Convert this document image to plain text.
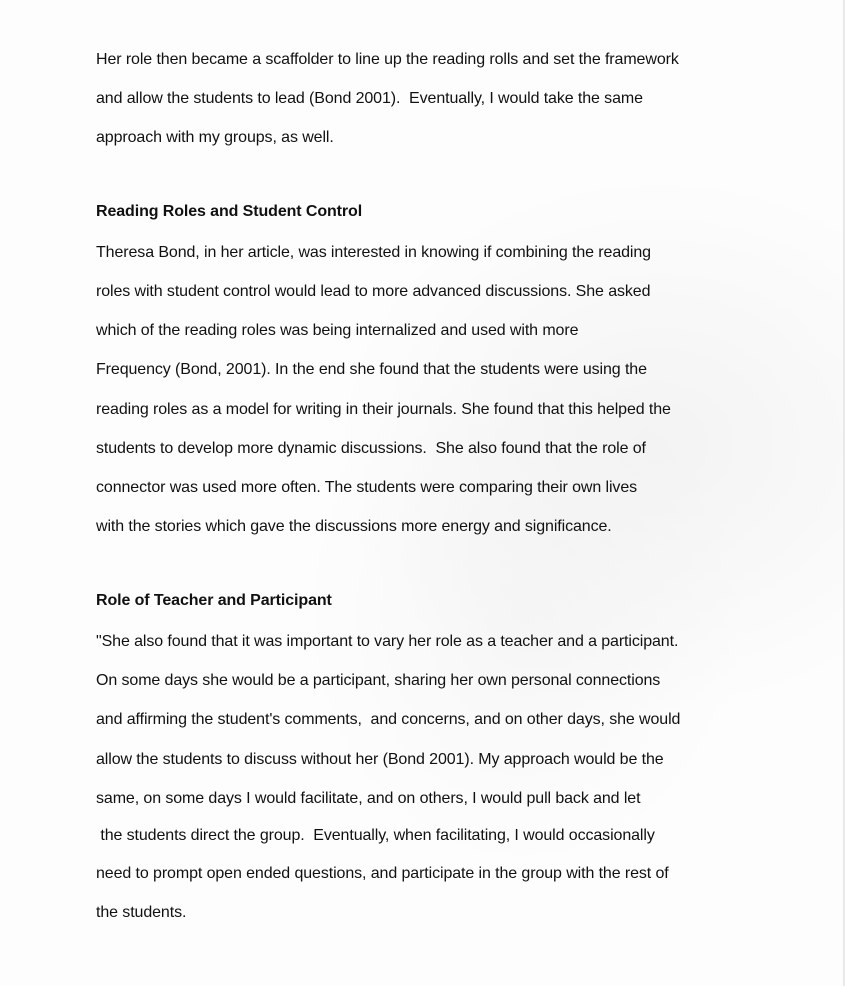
Her role then became a scaffolder to line up the reading rolls and set the framework
and allow the students to lead (Bond 2001).  Eventually, I would take the same
approach with my groups, as well.
Reading Roles and Student Control
Theresa Bond, in her article, was interested in knowing if combining the reading
roles with student control would lead to more advanced discussions. She asked
which of the reading roles was being internalized and used with more
Frequency (Bond, 2001). In the end she found that the students were using the
reading roles as a model for writing in their journals. She found that this helped the
students to develop more dynamic discussions.  She also found that the role of
connector was used more often. The students were comparing their own lives
with the stories which gave the discussions more energy and significance.
Role of Teacher and Participant
"She also found that it was important to vary her role as a teacher and a participant.
On some days she would be a participant, sharing her own personal connections
and affirming the student's comments,  and concerns, and on other days, she would
allow the students to discuss without her (Bond 2001). My approach would be the
same, on some days I would facilitate, and on others, I would pull back and let
the students direct the group.  Eventually, when facilitating, I would occasionally
need to prompt open ended questions, and participate in the group with the rest of
the students.
